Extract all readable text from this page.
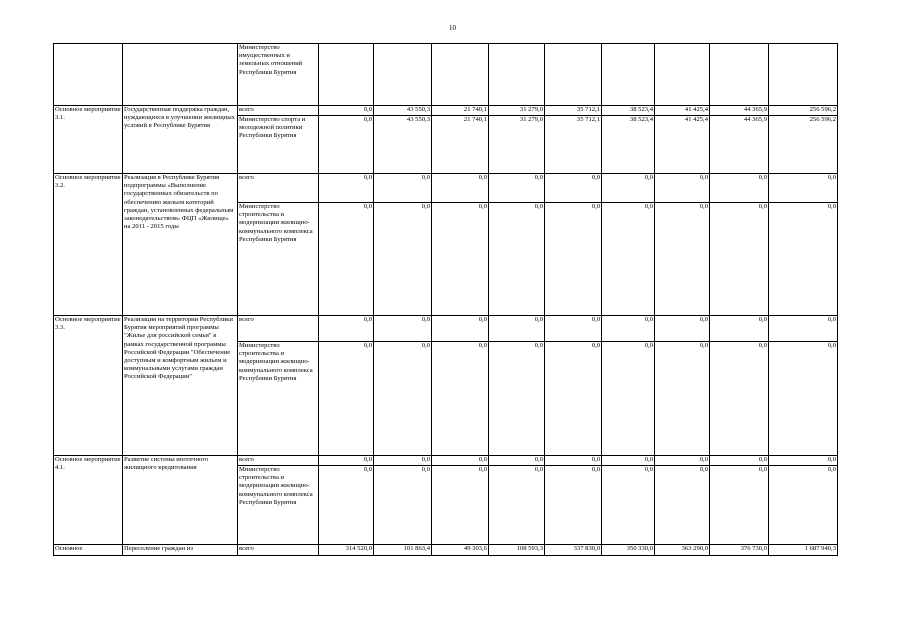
10
		Министерство имущественных и земельных отношений Республики Бурятия									
Основное мероприятие 3.1.	Государственная поддержка граждан, нуждающихся в улучшении жилищных условий в Республике Бурятия	всего	0,0	43 550,3	21 740,1	31 279,0	35 712,1	38 523,4	41 425,4	44 365,9	256 596,2
		Министерство спорта и молодежной политики Республики Бурятия	0,0	43 550,3	21 740,1	31 279,0	35 712,1	38 523,4	41 425,4	44 365,9	256 596,2
Основное мероприятие 3.2.	Реализация в Республике Бурятия подпрограммы «Выполнение государственных обязательств по обеспечению жильем категорий граждан, установленных федеральным законодательством» ФЦП «Жилище» на 2011 - 2015 годы	всего	0,0	0,0	0,0	0,0	0,0	0,0	0,0	0,0	0,0
		Министерство строительства и модернизации жилищно-коммунального комплекса Республики Бурятия	0,0	0,0	0,0	0,0	0,0	0,0	0,0	0,0	0,0
Основное мероприятие 3.3.	Реализация на территории Республики Бурятия мероприятий программы "Жилье для российской семьи" в рамках государственной программы Российской Федерации "Обеспечение доступным и комфортным жильем и коммунальными услугами граждан Российской Федерации"	всего	0,0	0,0	0,0	0,0	0,0	0,0	0,0	0,0	0,0
		Министерство строительства и модернизации жилищно-коммунального комплекса Республики Бурятия	0,0	0,0	0,0	0,0	0,0	0,0	0,0	0,0	0,0
Основное мероприятие 4.1.	Развитие системы ипотечного жилищного кредитования	всего	0,0	0,0	0,0	0,0	0,0	0,0	0,0	0,0	0,0
		Министерство строительства и модернизации жилищно-коммунального комплекса Республики Бурятия	0,0	0,0	0,0	0,0	0,0	0,0	0,0	0,0	0,0
Основное	Переселение граждан из	всего	314 520,0	101 863,4	49 303,6	108 593,3	337 830,0	350 330,0	363 290,0	376 730,0	1 687 940,3
